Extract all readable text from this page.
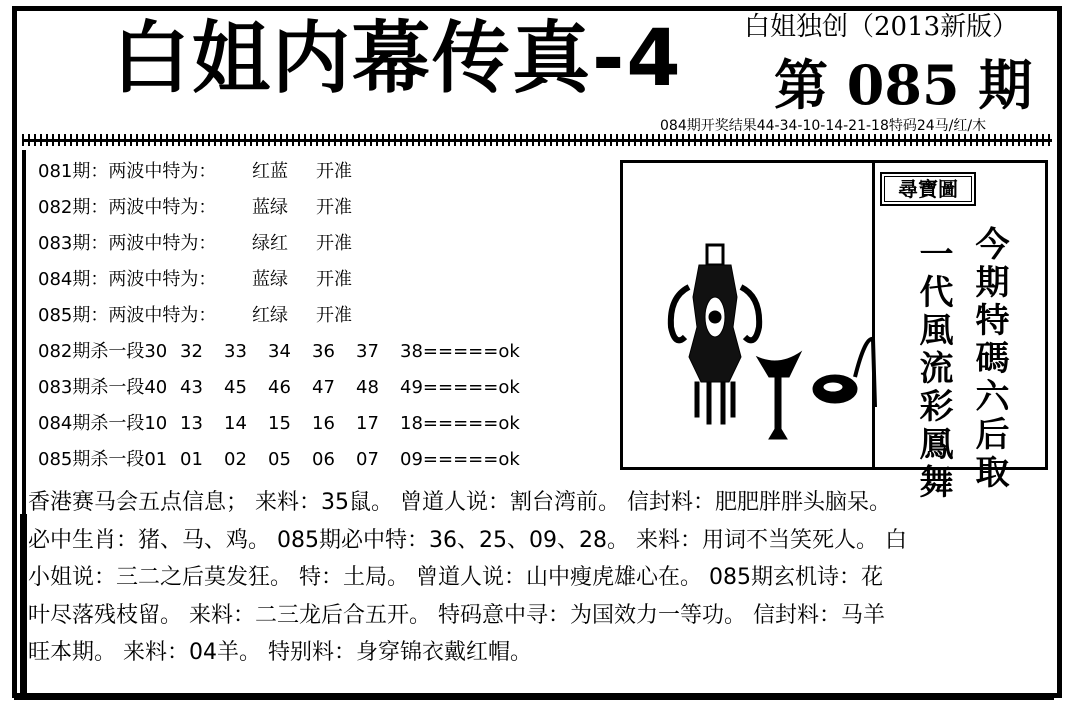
白姐内幕传真-4 白姐独创（2013新版）
第 085 期
084期开奖结果44-34-10-14-21-18特码24马/红/木
081期：两波中特为： 红蓝 开准
082期：两波中特为： 蓝绿 开准
083期：两波中特为： 绿红 开准
084期：两波中特为： 蓝绿 开准
085期：两波中特为： 红绿 开准
082期杀一段30 32 33 34 36 37 38=====ok
083期杀一段40 43 45 46 47 48 49=====ok
084期杀一段10 13 14 15 16 17 18=====ok
085期杀一段01 01 02 05 06 07 09=====ok
尋寶圖
今期特碼六后取
一代風流彩鳳舞

香港赛马会五点信息； 来料：35鼠。 曾道人说：割台湾前。 信封料：肥肥胖胖头脑呆。

必中生肖：猪、马、鸡。 085期必中特：36、25、09、28。 来料：用词不当笑死人。 白

小姐说：三二之后莫发狂。 特：土局。 曾道人说：山中瘦虎雄心在。 085期玄机诗：花

叶尽落残枝留。 来料：二三龙后合五开。 特码意中寻：为国效力一等功。 信封料：马羊

旺本期。 来料：04羊。 特别料：身穿锦衣戴红帽。
